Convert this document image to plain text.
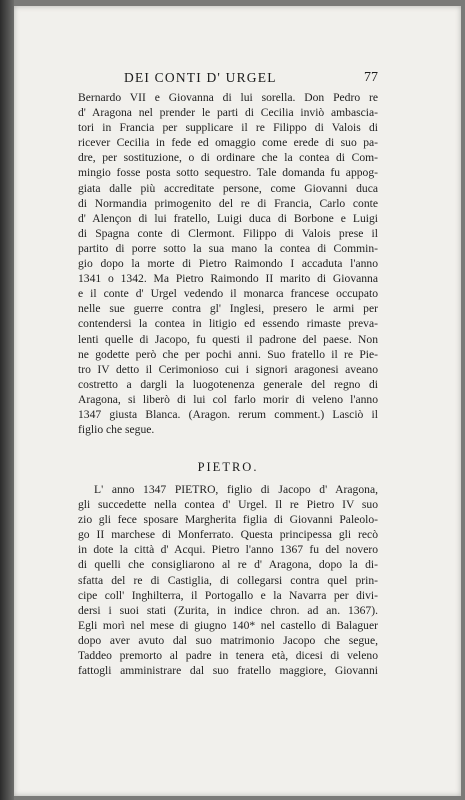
DEI CONTI D' URGEL	77
Bernardo VII e Giovanna di lui sorella. Don Pedro re
d' Aragona nel prender le parti di Cecilia inviò ambascia-
tori in Francia per supplicare il re Filippo di Valois di
ricever Cecilia in fede ed omaggio come erede di suo pa-
dre, per sostituzione, o di ordinare che la contea di Com-
mingio fosse posta sotto sequestro. Tale domanda fu appog-
giata dalle più accreditate persone, come Giovanni duca
di Normandia primogenito del re di Francia, Carlo conte
d' Alençon di lui fratello, Luigi duca di Borbone e Luigi
di Spagna conte di Clermont. Filippo di Valois prese il
partito di porre sotto la sua mano la contea di Commin-
gio dopo la morte di Pietro Raimondo I accaduta l'anno
1341 o 1342. Ma Pietro Raimondo II marito di Giovanna
e il conte d' Urgel vedendo il monarca francese occupato
nelle sue guerre contra gl' Inglesi, presero le armi per
contendersi la contea in litigio ed essendo rimaste preva-
lenti quelle di Jacopo, fu questi il padrone del paese. Non
ne godette però che per pochi anni. Suo fratello il re Pie-
tro IV detto il Cerimonioso cui i signori aragonesi aveano
costretto a dargli la luogotenenza generale del regno di
Aragona, si liberò di lui col farlo morir di veleno l'anno
1347 giusta Blanca. (Aragon. rerum comment.) Lasciò il
figlio che segue.
PIETRO.
L' anno 1347 PIETRO, figlio di Jacopo d' Aragona,
gli succedette nella contea d' Urgel. Il re Pietro IV suo
zio gli fece sposare Margherita figlia di Giovanni Paleolo-
go II marchese di Monferrato. Questa principessa gli recò
in dote la città d' Acqui. Pietro l'anno 1367 fu del novero
di quelli che consigliarono al re d' Aragona, dopo la di-
sfatta del re di Castiglia, di collegarsi contra quel prin-
cipe coll' Inghilterra, il Portogallo e la Navarra per divi-
dersi i suoi stati (Zurita, in indice chron. ad an. 1367).
Egli morì nel mese di giugno 140* nel castello di Balaguer
dopo aver avuto dal suo matrimonio Jacopo che segue,
Taddeo premorto al padre in tenera età, dicesi di veleno
fattogli amministrare dal suo fratello maggiore, Giovanni
